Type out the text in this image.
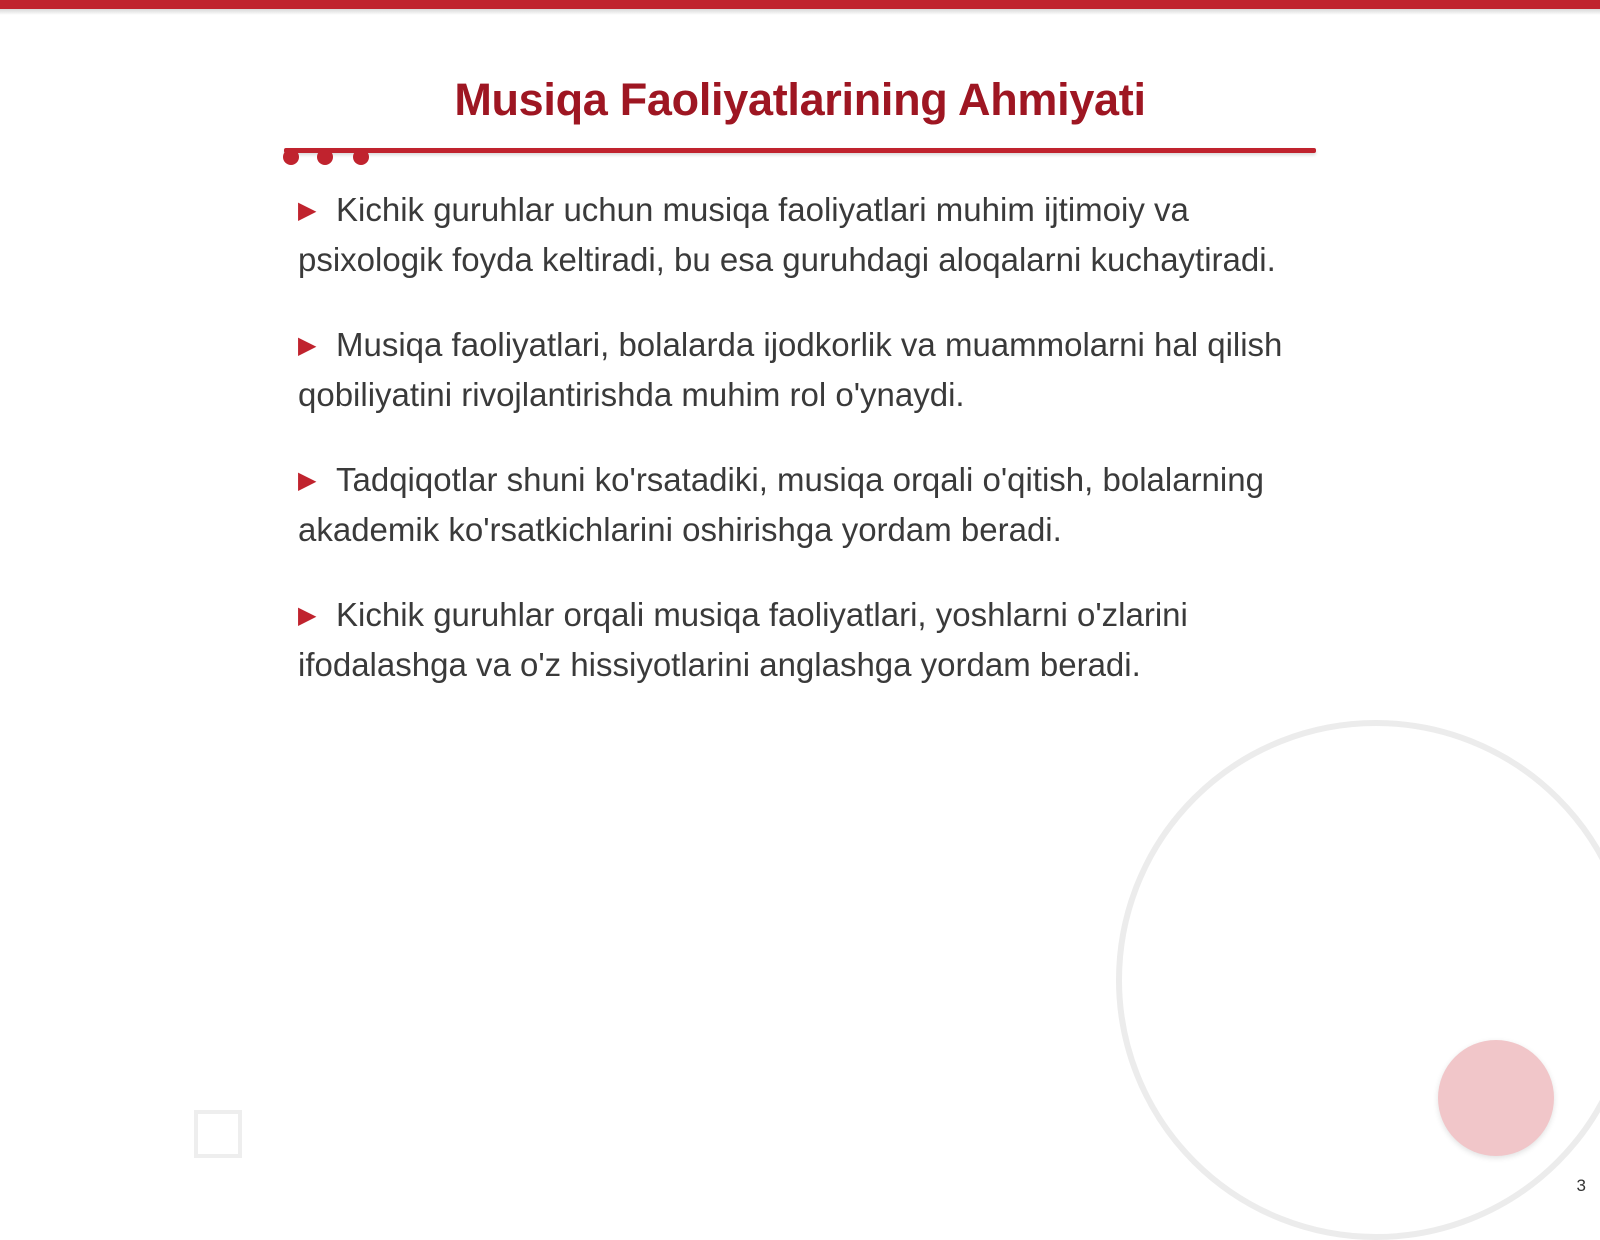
Musiqa Faoliyatlarining Ahmiyati
▶ Kichik guruhlar uchun musiqa faoliyatlari muhim ijtimoiy va psixologik foyda keltiradi, bu esa guruhdagi aloqalarni kuchaytiradi.
▶ Musiqa faoliyatlari, bolalarda ijodkorlik va muammolarni hal qilish qobiliyatini rivojlantirishda muhim rol o'ynaydi.
▶ Tadqiqotlar shuni ko'rsatadiki, musiqa orqali o'qitish, bolalarning akademik ko'rsatkichlarini oshirishga yordam beradi.
▶ Kichik guruhlar orqali musiqa faoliyatlari, yoshlarni o'zlarini ifodalashga va o'z hissiyotlarini anglashga yordam beradi.
3
